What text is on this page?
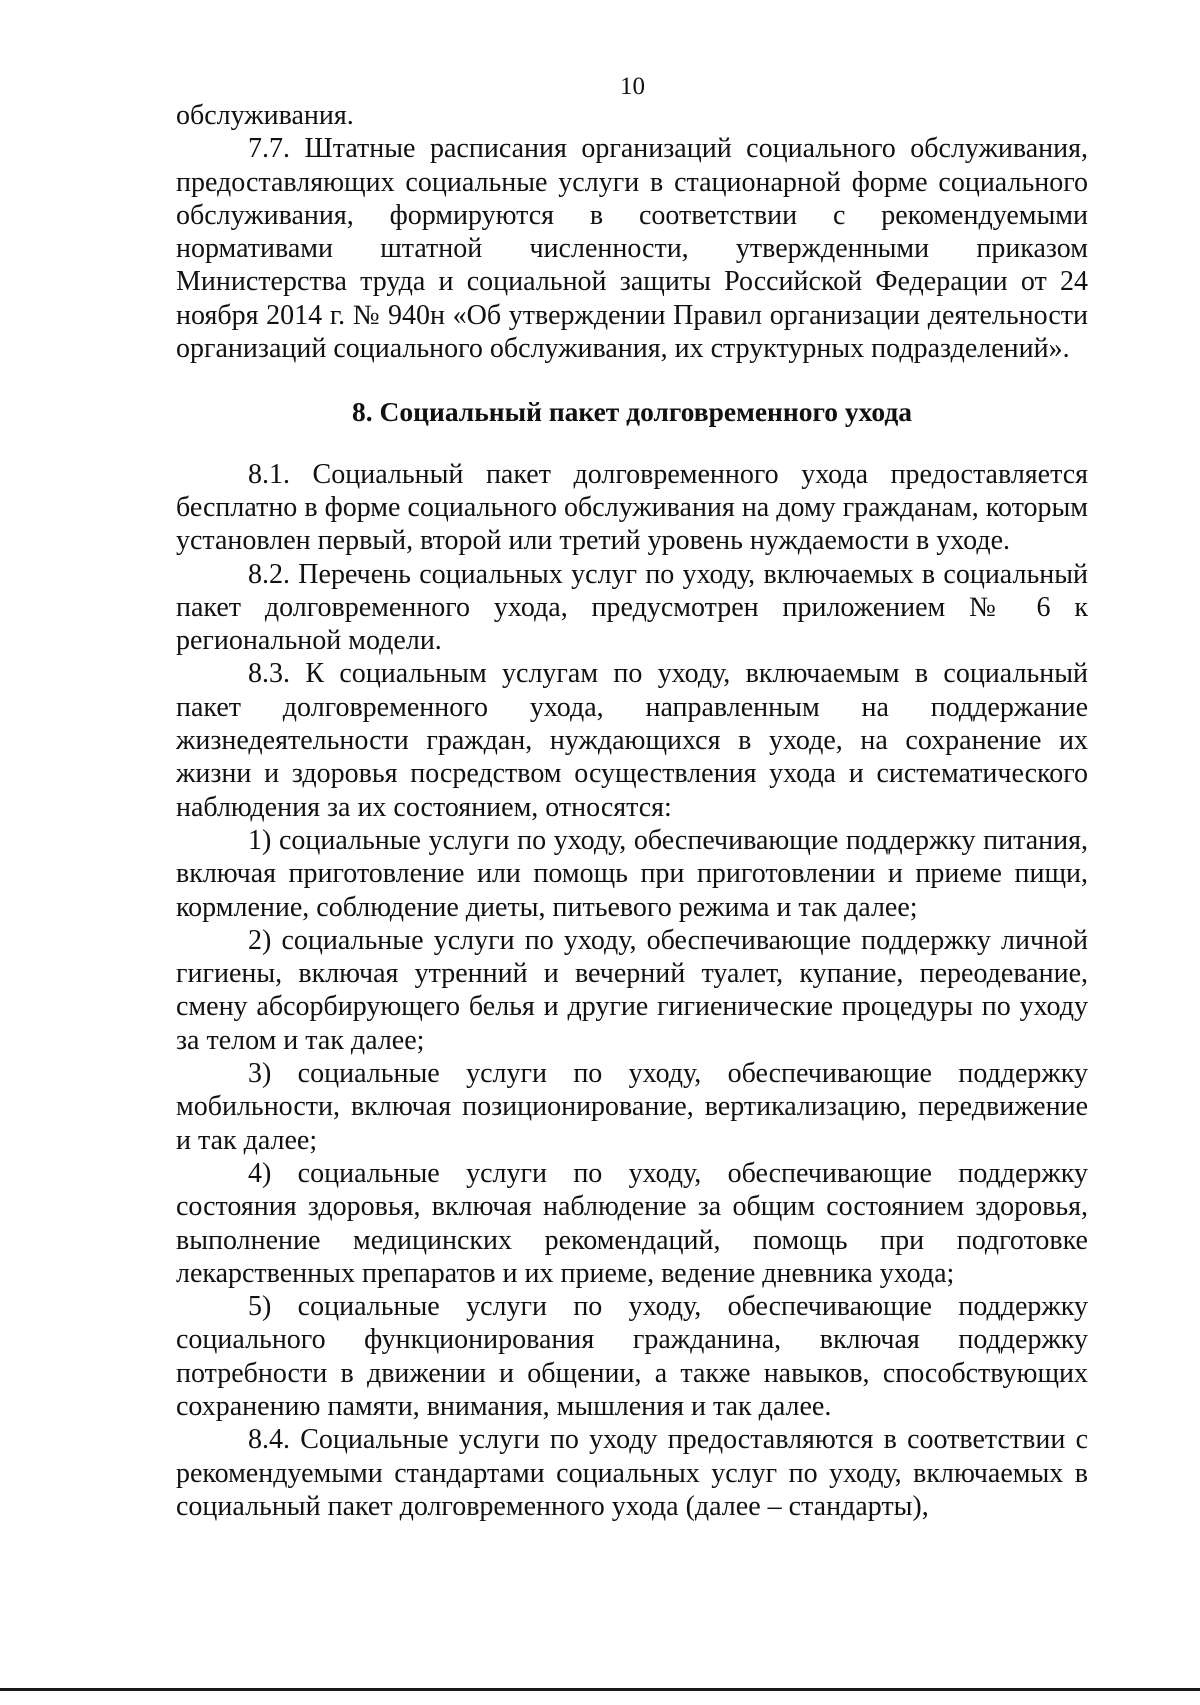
10

обслуживания.

7.7. Штатные расписания организаций социального обслуживания, предоставляющих социальные услуги в стационарной форме социального обслуживания, формируются в соответствии с рекомендуемыми нормативами штатной численности, утвержденными приказом Министерства труда и социальной защиты Российской Федерации от 24 ноября 2014 г. № 940н «Об утверждении Правил организации деятельности организаций социального обслуживания, их структурных подразделений».

8. Социальный пакет долговременного ухода

8.1. Социальный пакет долговременного ухода предоставляется бесплатно в форме социального обслуживания на дому гражданам, которым установлен первый, второй или третий уровень нуждаемости в уходе.

8.2. Перечень социальных услуг по уходу, включаемых в социальный пакет долговременного ухода, предусмотрен приложением № 6 к региональной модели.

8.3. К социальным услугам по уходу, включаемым в социальный пакет долговременного ухода, направленным на поддержание жизнедеятельности граждан, нуждающихся в уходе, на сохранение их жизни и здоровья посредством осуществления ухода и систематического наблюдения за их состоянием, относятся:

1) социальные услуги по уходу, обеспечивающие поддержку питания, включая приготовление или помощь при приготовлении и приеме пищи, кормление, соблюдение диеты, питьевого режима и так далее;

2) социальные услуги по уходу, обеспечивающие поддержку личной гигиены, включая утренний и вечерний туалет, купание, переодевание, смену абсорбирующего белья и другие гигиенические процедуры по уходу за телом и так далее;

3) социальные услуги по уходу, обеспечивающие поддержку мобильности, включая позиционирование, вертикализацию, передвижение и так далее;

4) социальные услуги по уходу, обеспечивающие поддержку состояния здоровья, включая наблюдение за общим состоянием здоровья, выполнение медицинских рекомендаций, помощь при подготовке лекарственных препаратов и их приеме, ведение дневника ухода;

5) социальные услуги по уходу, обеспечивающие поддержку социального функционирования гражданина, включая поддержку потребности в движении и общении, а также навыков, способствующих сохранению памяти, внимания, мышления и так далее.

8.4. Социальные услуги по уходу предоставляются в соответствии с рекомендуемыми стандартами социальных услуг по уходу, включаемых в социальный пакет долговременного ухода (далее – стандарты),
